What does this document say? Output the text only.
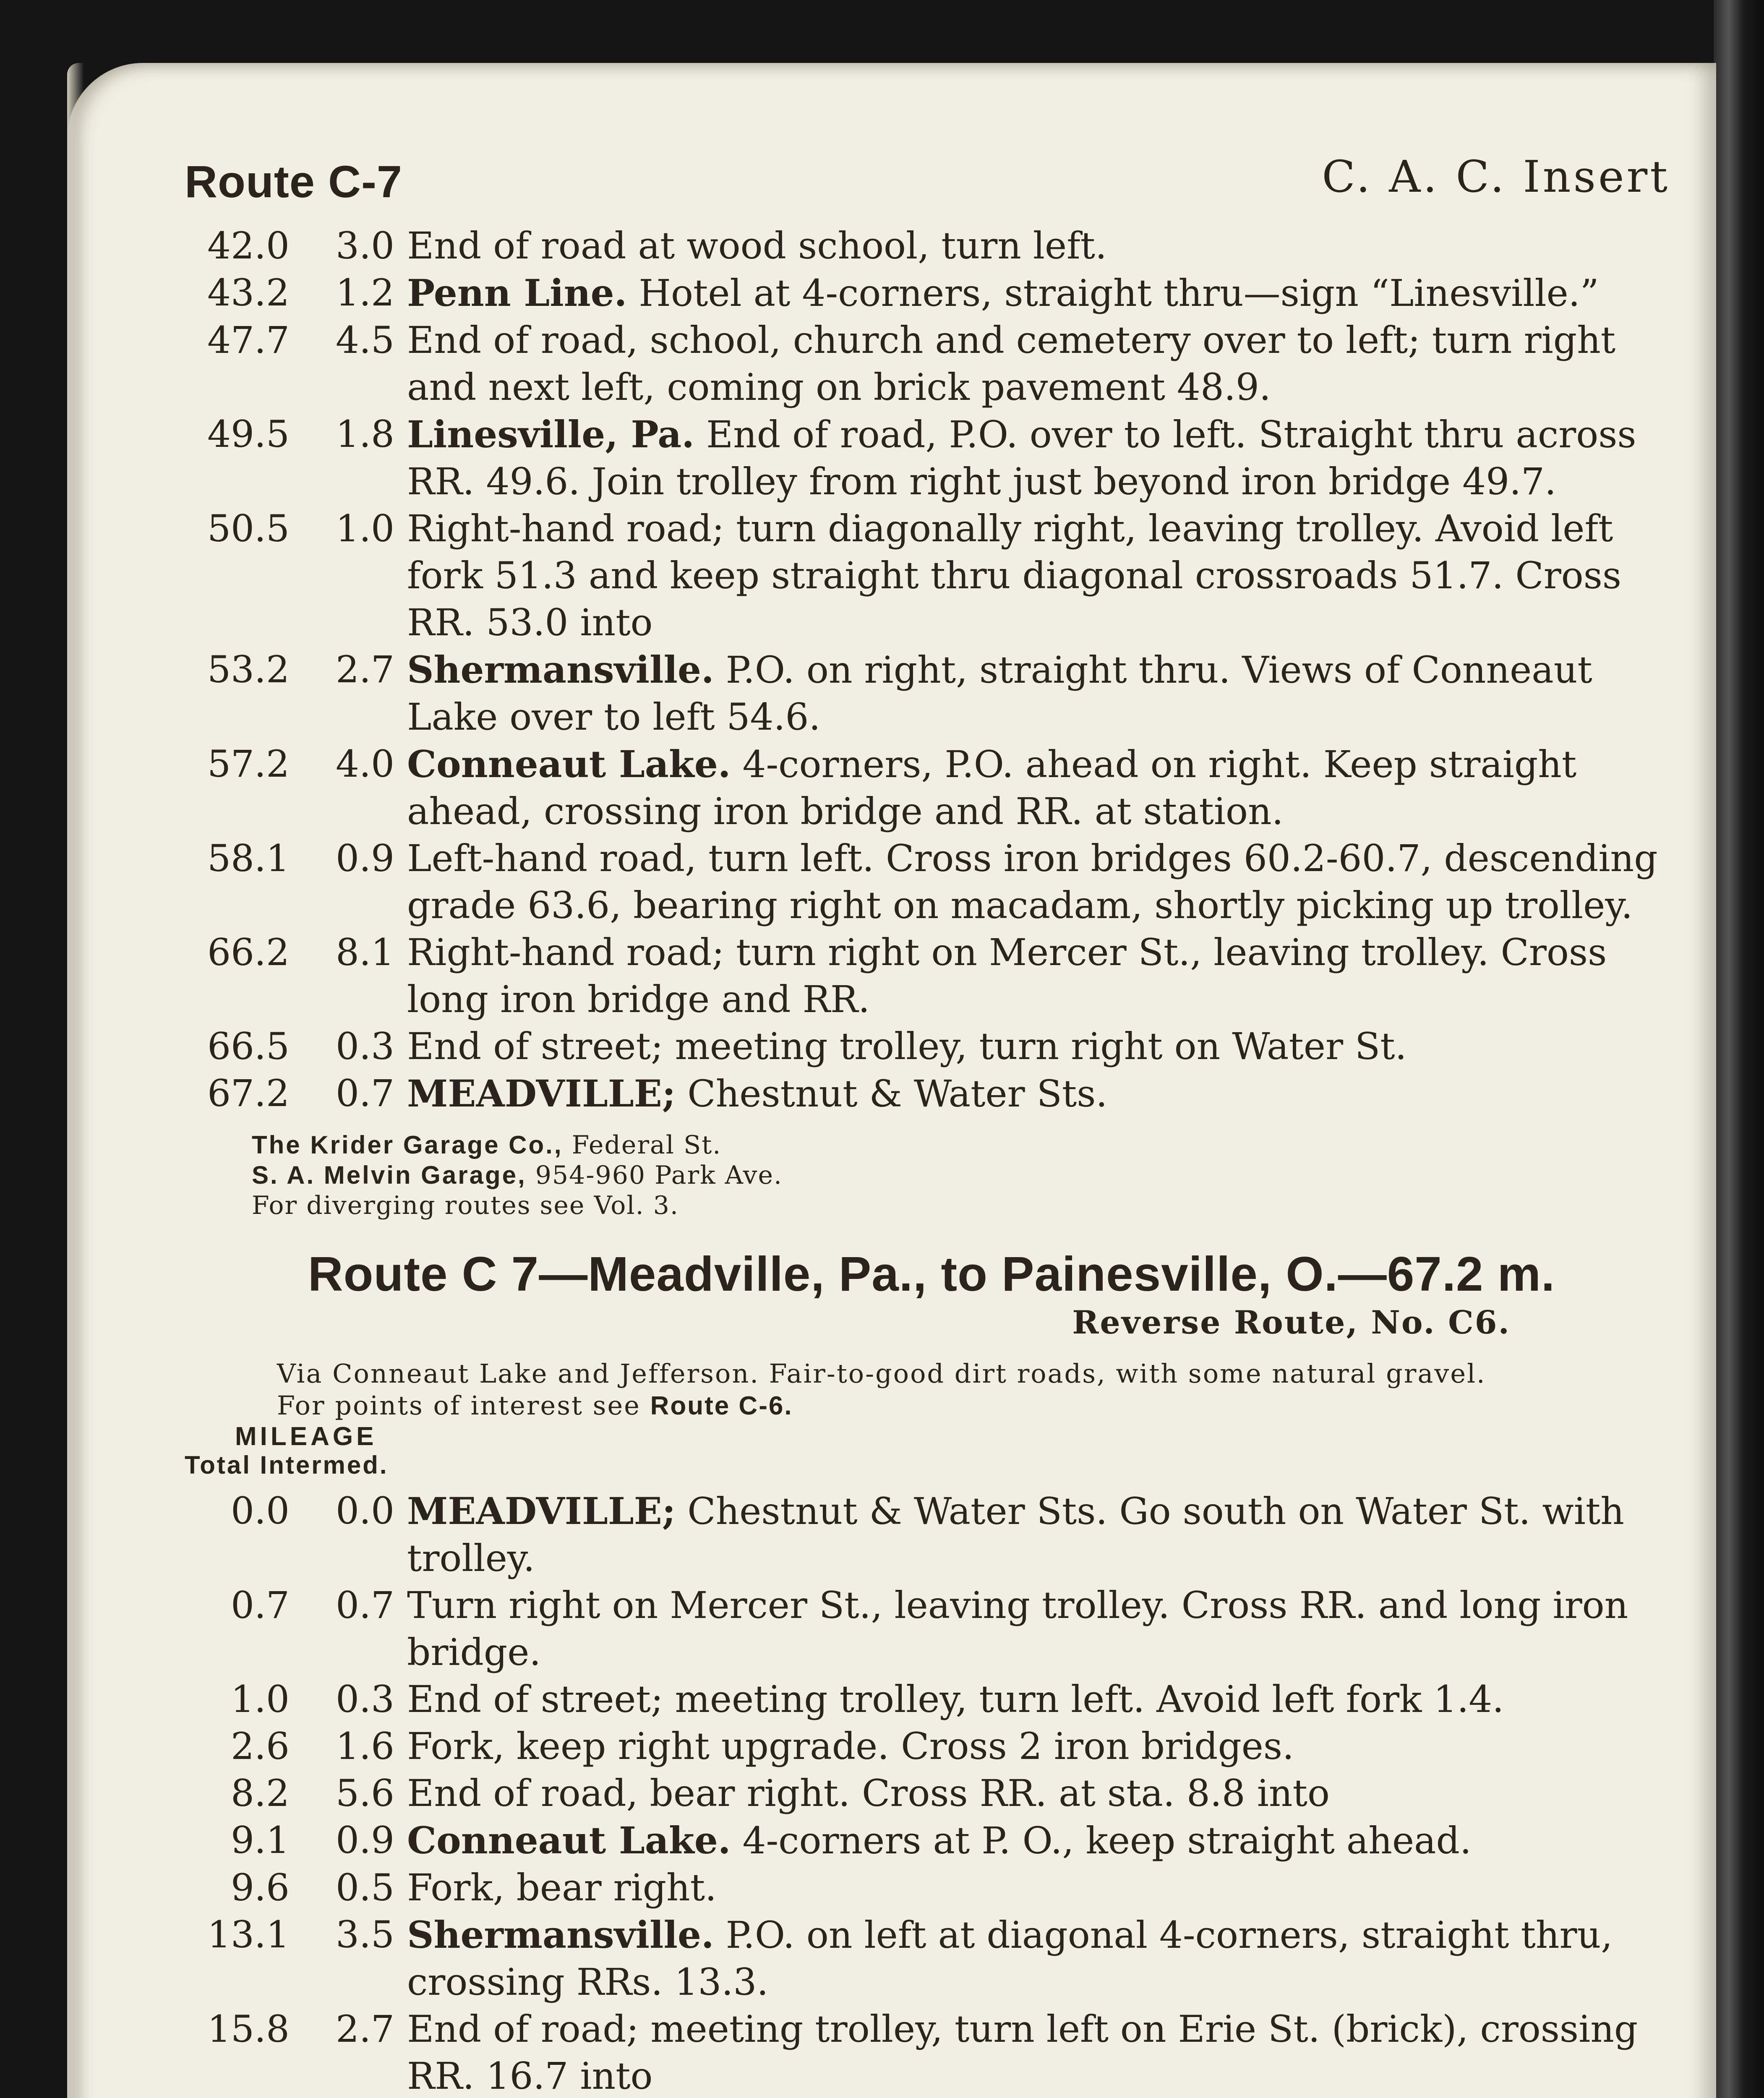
Route C-7	C. A. C. Insert
42.0	3.0 End of road at wood school, turn left.
43.2	1.2 Penn Line. Hotel at 4-corners, straight thru—sign “Linesville.”
47.7	4.5 End of road, school, church and cemetery over to left; turn right and next left, coming on brick pavement 48.9.
49.5	1.8 Linesville, Pa. End of road, P.O. over to left. Straight thru across RR. 49.6. Join trolley from right just beyond iron bridge 49.7.
50.5	1.0 Right-hand road; turn diagonally right, leaving trolley. Avoid left fork 51.3 and keep straight thru diagonal crossroads 51.7. Cross RR. 53.0 into
53.2	2.7 Shermansville. P.O. on right, straight thru. Views of Conneaut Lake over to left 54.6.
57.2	4.0 Conneaut Lake. 4-corners, P.O. ahead on right. Keep straight ahead, crossing iron bridge and RR. at station.
58.1	0.9 Left-hand road, turn left. Cross iron bridges 60.2-60.7, descending grade 63.6, bearing right on macadam, shortly picking up trolley.
66.2	8.1 Right-hand road; turn right on Mercer St., leaving trolley. Cross long iron bridge and RR.
66.5	0.3 End of street; meeting trolley, turn right on Water St.
67.2	0.7 MEADVILLE; Chestnut & Water Sts.
The Krider Garage Co., Federal St.
S. A. Melvin Garage, 954-960 Park Ave.
For diverging routes see Vol. 3.
Route C 7—Meadville, Pa., to Painesville, O.—67.2 m.
Reverse Route, No. C6.
Via Conneaut Lake and Jefferson. Fair-to-good dirt roads, with some natural gravel.
For points of interest see Route C-6.
MILEAGE
Total Intermed.
0.0	0.0 MEADVILLE; Chestnut & Water Sts. Go south on Water St. with trolley.
0.7	0.7 Turn right on Mercer St., leaving trolley. Cross RR. and long iron bridge.
1.0	0.3 End of street; meeting trolley, turn left. Avoid left fork 1.4.
2.6	1.6 Fork, keep right upgrade. Cross 2 iron bridges.
8.2	5.6 End of road, bear right. Cross RR. at sta. 8.8 into
9.1	0.9 Conneaut Lake. 4-corners at P. O., keep straight ahead.
9.6	0.5 Fork, bear right.
13.1	3.5 Shermansville. P.O. on left at diagonal 4-corners, straight thru, crossing RRs. 13.3.
15.8	2.7 End of road; meeting trolley, turn left on Erie St. (brick), crossing RR. 16.7 into
